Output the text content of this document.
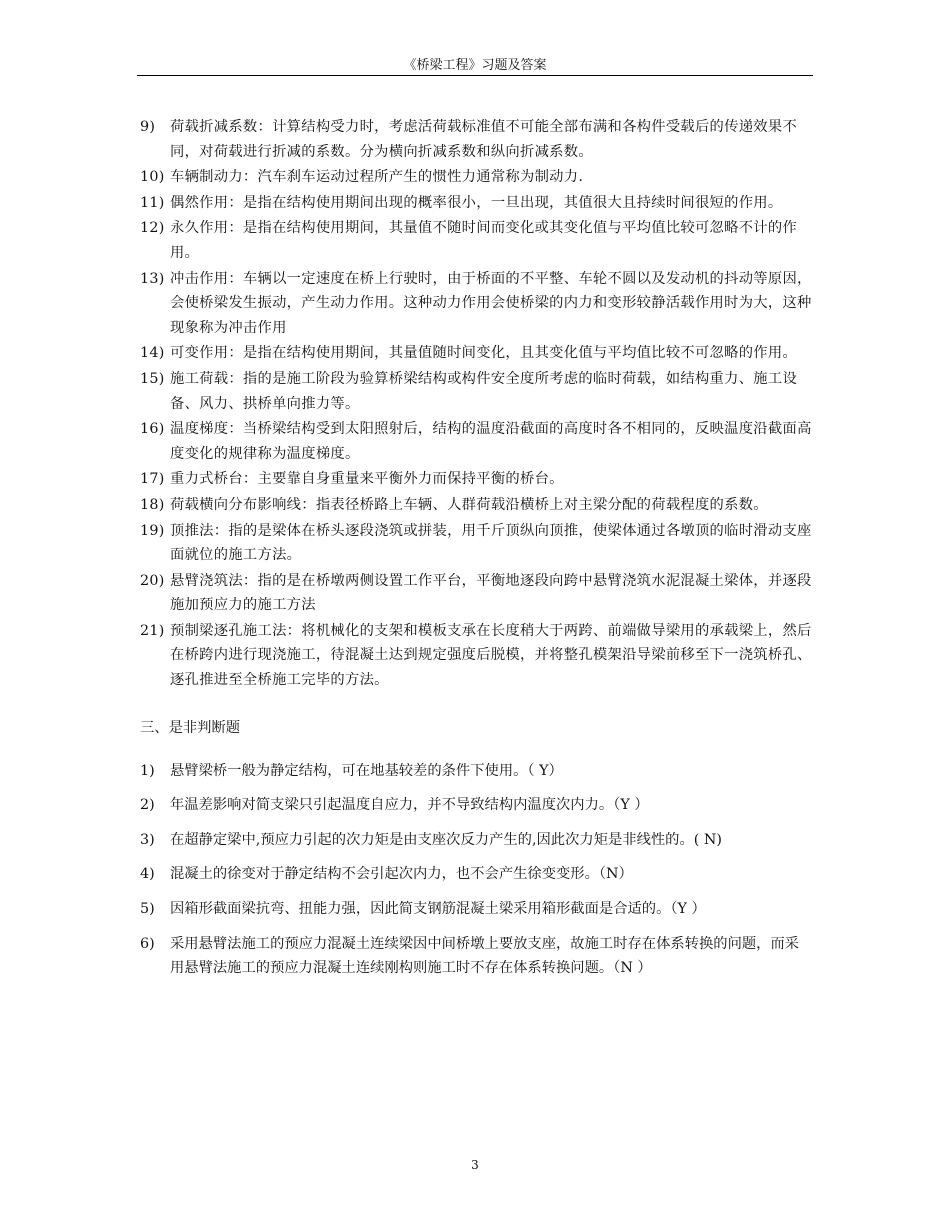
《桥梁工程》习题及答案
9) 荷载折减系数：计算结构受力时，考虑活荷载标准值不可能全部布满和各构件受载后的传递效果不同，对荷载进行折减的系数。分为横向折减系数和纵向折减系数。
10) 车辆制动力：汽车刹车运动过程所产生的惯性力通常称为制动力.
11) 偶然作用：是指在结构使用期间出现的概率很小，一旦出现，其值很大且持续时间很短的作用。
12) 永久作用：是指在结构使用期间，其量值不随时间而变化或其变化值与平均值比较可忽略不计的作用。
13) 冲击作用：车辆以一定速度在桥上行驶时，由于桥面的不平整、车轮不圆以及发动机的抖动等原因，会使桥梁发生振动，产生动力作用。这种动力作用会使桥梁的内力和变形较静活载作用时为大，这种现象称为冲击作用
14) 可变作用：是指在结构使用期间，其量值随时间变化，且其变化值与平均值比较不可忽略的作用。
15) 施工荷载：指的是施工阶段为验算桥梁结构或构件安全度所考虑的临时荷载，如结构重力、施工设备、风力、拱桥单向推力等。
16) 温度梯度：当桥梁结构受到太阳照射后，结构的温度沿截面的高度时各不相同的，反映温度沿截面高度变化的规律称为温度梯度。
17) 重力式桥台：主要靠自身重量来平衡外力而保持平衡的桥台。
18) 荷载横向分布影响线：指表径桥路上车辆、人群荷载沿横桥上对主梁分配的荷载程度的系数。
19) 顶推法：指的是梁体在桥头逐段浇筑或拼装，用千斤顶纵向顶推，使梁体通过各墩顶的临时滑动支座面就位的施工方法。
20) 悬臂浇筑法：指的是在桥墩两侧设置工作平台，平衡地逐段向跨中悬臂浇筑水泥混凝土梁体，并逐段施加预应力的施工方法
21) 预制梁逐孔施工法：将机械化的支架和模板支承在长度稍大于两跨、前端做导梁用的承载梁上，然后在桥跨内进行现浇施工，待混凝土达到规定强度后脱模，并将整孔模架沿导梁前移至下一浇筑桥孔、逐孔推进至全桥施工完毕的方法。
三、是非判断题
1) 悬臂梁桥一般为静定结构，可在地基较差的条件下使用。（ Y）
2) 年温差影响对简支梁只引起温度自应力，并不导致结构内温度次内力。（Y ）
3) 在超静定梁中,预应力引起的次力矩是由支座次反力产生的,因此次力矩是非线性的。( N)
4) 混凝土的徐变对于静定结构不会引起次内力，也不会产生徐变变形。（N）
5) 因箱形截面梁抗弯、扭能力强，因此简支钢筋混凝土梁采用箱形截面是合适的。（Y ）
6) 采用悬臂法施工的预应力混凝土连续梁因中间桥墩上要放支座，故施工时存在体系转换的问题，而采用悬臂法施工的预应力混凝土连续刚构则施工时不存在体系转换问题。（N ）
3
